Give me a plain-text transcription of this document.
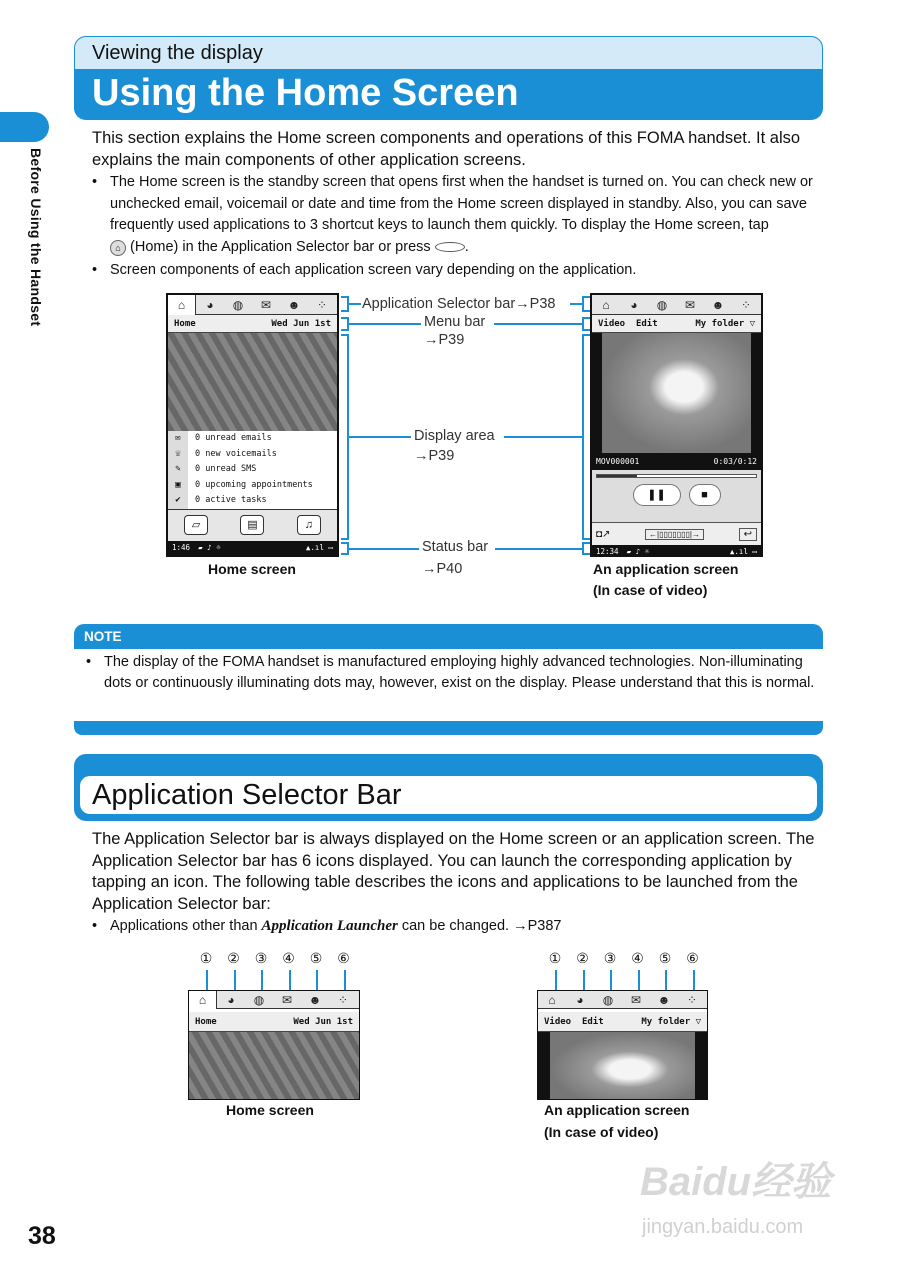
Before Using the Handset
38
Viewing the display
Using the Home Screen
This section explains the Home screen components and operations of this FOMA handset. It also explains the main components of other application screens.
• The Home screen is the standby screen that opens first when the handset is turned on. You can check new or unchecked email, voicemail or date and time from the Home screen displayed in standby. Also, you can save frequently used applications to 3 shortcut keys to launch them quickly. To display the Home screen, tap
⌂ (Home) in the Application Selector bar or press .
• Screen components of each application screen vary depending on the application.
⌂	◕	◍	✉	☻	⁘
Home	Wed Jun 1st
✉	0 unread emails
☏	0 new voicemails
✎	0 unread SMS
▣	0 upcoming appointments
✔	0 active tasks
▱	▤	♫
1:46 ▰ ♪ ☼	▲.ıl ▭
Application Selector bar→P38
Menu bar
→P39
Display area
→P39
Status bar
→P40
⌂	◕	◍	✉	☻	⁘
Video Edit	My folder ▽
MOV000001	0:03/0:12
❚❚	■
◘↗	←|▯▯▯▯▯▯▯|→	↩
12:34 ▰ ♪ ☼	▲.ıl ▭
Home screen	An application screen
(In case of video)
NOTE
• The display of the FOMA handset is manufactured employing highly advanced technologies. Non-illuminating dots or continuously illuminating dots may, however, exist on the display. Please understand that this is normal.
Application Selector Bar
The Application Selector bar is always displayed on the Home screen or an application screen. The Application Selector bar has 6 icons displayed. You can launch the corresponding application by tapping an icon. The following table describes the icons and applications to be launched from the Application Selector bar:
• Applications other than Application Launcher can be changed. →P387
① ② ③ ④ ⑤ ⑥
⌂	◕	◍	✉	☻	⁘
Home	Wed Jun 1st
Home screen
① ② ③ ④ ⑤ ⑥
⌂	◕	◍	✉	☻	⁘
Video Edit	My folder ▽
An application screen
(In case of video)
Baidu经验
jingyan.baidu.com
